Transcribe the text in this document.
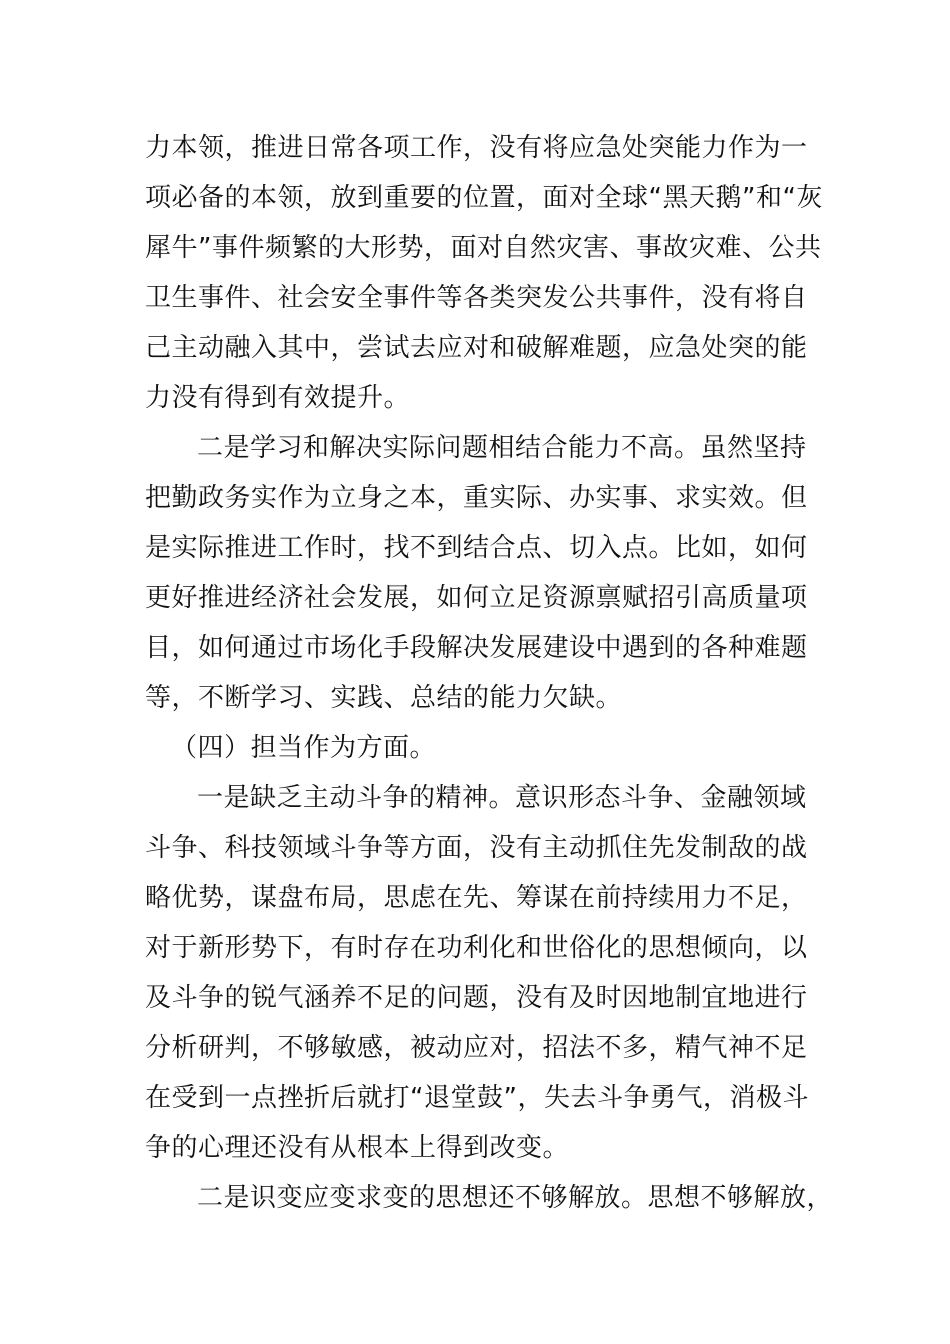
力本领，推进日常各项工作，没有将应急处突能力作为一
项必备的本领，放到重要的位置，面对全球“黑天鹅”和“灰
犀牛”事件频繁的大形势，面对自然灾害、事故灾难、公共
卫生事件、社会安全事件等各类突发公共事件，没有将自
己主动融入其中，尝试去应对和破解难题，应急处突的能
力没有得到有效提升。
二是学习和解决实际问题相结合能力不高。虽然坚持
把勤政务实作为立身之本，重实际、办实事、求实效。但
是实际推进工作时，找不到结合点、切入点。比如，如何
更好推进经济社会发展，如何立足资源禀赋招引高质量项
目，如何通过市场化手段解决发展建设中遇到的各种难题
等，不断学习、实践、总结的能力欠缺。
（四）担当作为方面。
一是缺乏主动斗争的精神。意识形态斗争、金融领域
斗争、科技领域斗争等方面，没有主动抓住先发制敌的战
略优势，谋盘布局，思虑在先、筹谋在前持续用力不足，
对于新形势下，有时存在功利化和世俗化的思想倾向，以
及斗争的锐气涵养不足的问题，没有及时因地制宜地进行
分析研判，不够敏感，被动应对，招法不多，精气神不足
在受到一点挫折后就打“退堂鼓”，失去斗争勇气，消极斗
争的心理还没有从根本上得到改变。
二是识变应变求变的思想还不够解放。思想不够解放，
